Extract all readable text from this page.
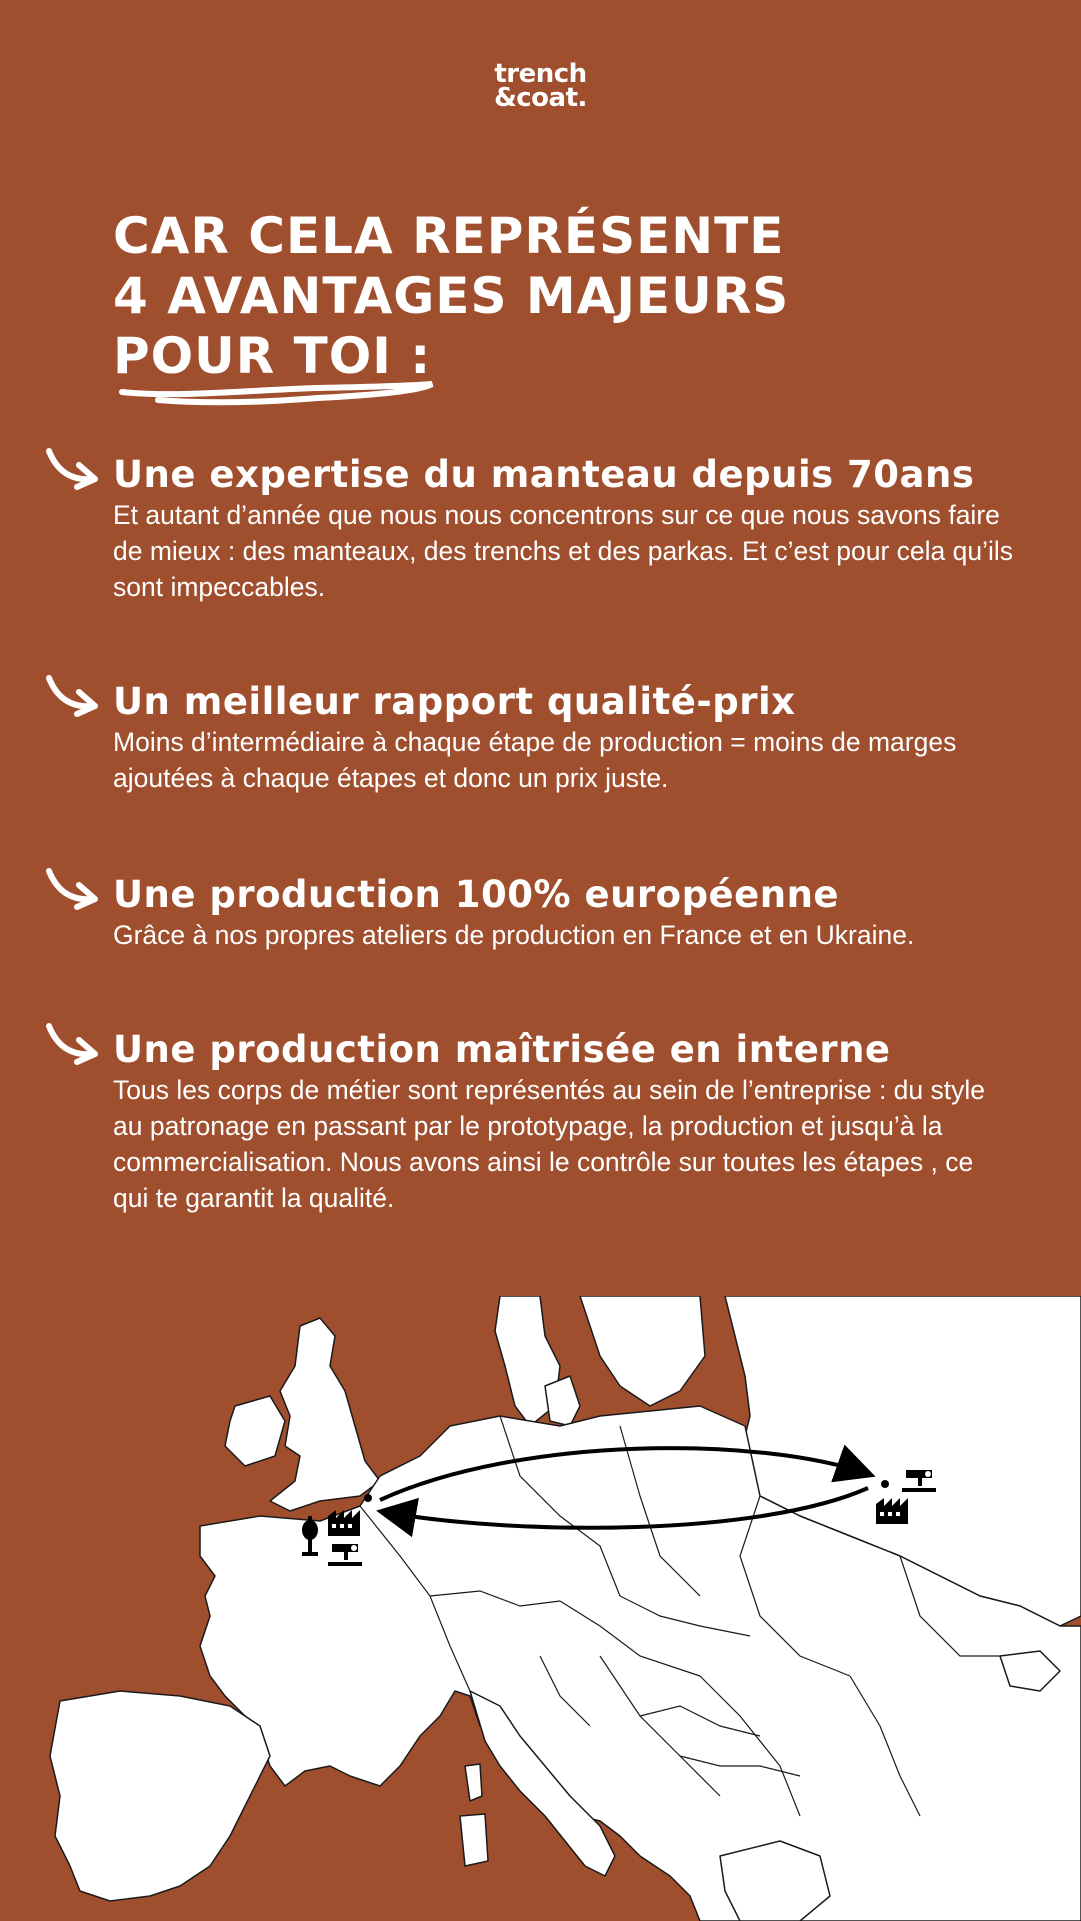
trench
&coat.
CAR CELA REPRÉSENTE
4 AVANTAGES MAJEURS
POUR TOI :
Une expertise du manteau depuis 70ans

Et autant d’année que nous nous concentrons sur ce que nous savons faire de mieux : des manteaux, des trenchs et des parkas. Et c’est pour cela qu’ils sont impeccables.

Un meilleur rapport qualité-prix

Moins d’intermédiaire à chaque étape de production = moins de marges ajoutées à chaque étapes et donc un prix juste.

Une production 100% européenne

Grâce à nos propres ateliers de production en France et en Ukraine.

Une production maîtrisée en interne

Tous les corps de métier sont représentés au sein de l’entreprise : du style au patronage en passant par le prototypage, la production et jusqu’à la commercialisation. Nous avons ainsi le contrôle sur toutes les étapes , ce qui te garantit la qualité.
